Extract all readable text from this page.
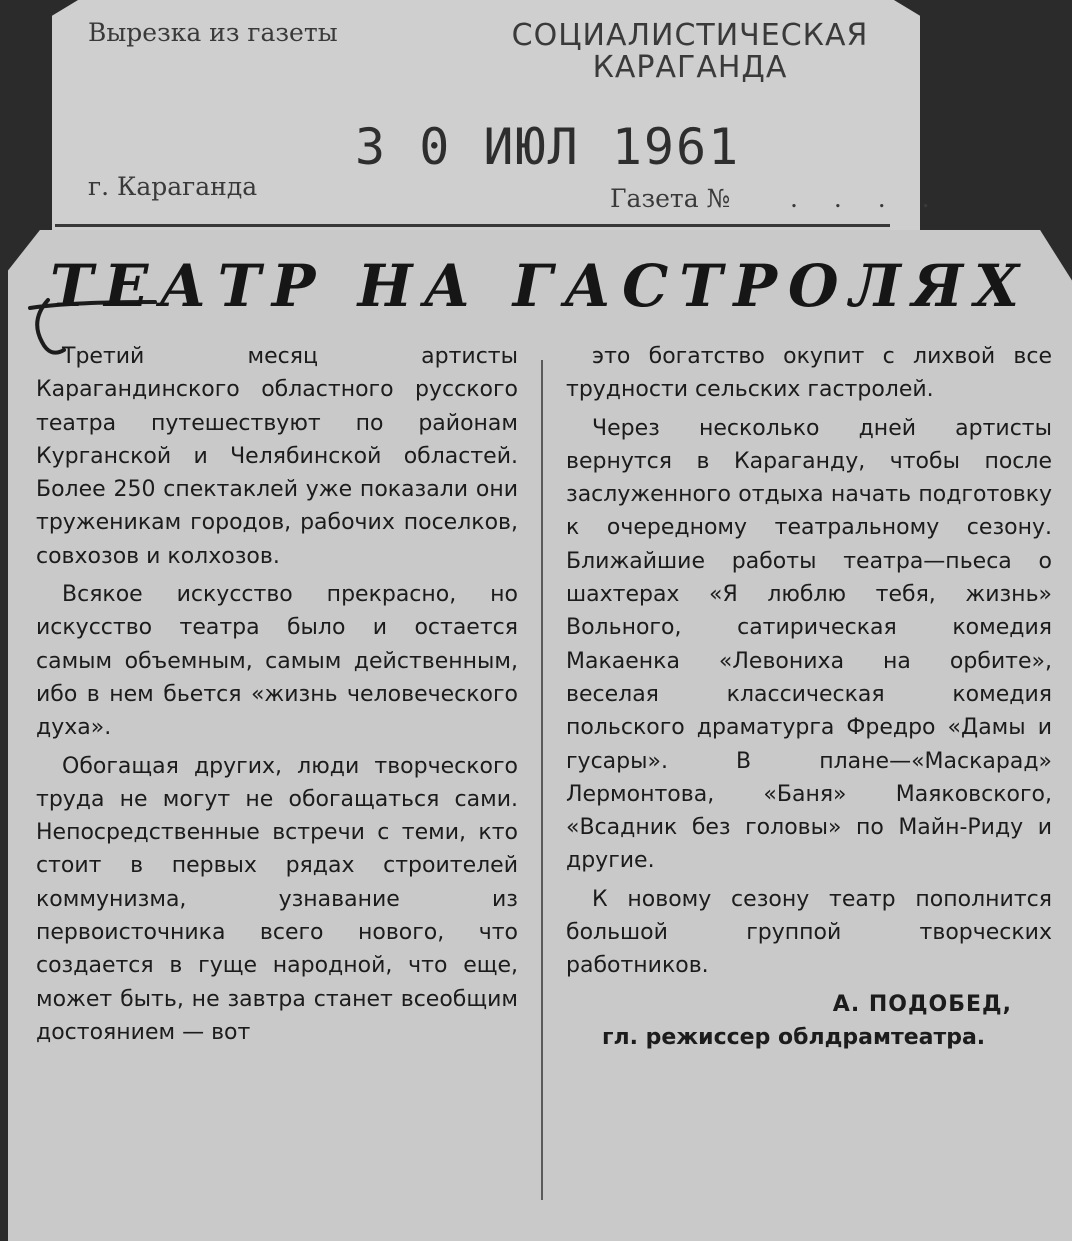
Вырезка из газеты	СОЦИАЛИСТИЧЕСКАЯ КАРАГАНДА
3 0 ИЮЛ 1961
г. Караганда	Газета № . . . .
ТЕАТР НА ГАСТРОЛЯХ

Третий месяц артисты Карагандинского областного русского театра путешествуют по районам Курганской и Челябинской областей. Более 250 спектаклей уже показали они труженикам городов, рабочих поселков, совхозов и колхозов.

Всякое искусство прекрасно, но искусство театра было и остается самым объемным, самым действенным, ибо в нем бьется «жизнь человеческого духа».

Обогащая других, люди творческого труда не могут не обогащаться сами. Непосредственные встречи с теми, кто стоит в первых рядах строителей коммунизма, узнавание из первоисточника всего нового, что создается в гуще народной, что еще, может быть, не завтра станет всеобщим достоянием — вот

это богатство окупит с лихвой все трудности сельских гастролей.

Через несколько дней артисты вернутся в Караганду, чтобы после заслуженного отдыха начать подготовку к очередному театральному сезону. Ближайшие работы театра—пьеса о шахтерах «Я люблю тебя, жизнь» Вольного, сатирическая комедия Макаенка «Левониха на орбите», веселая классическая комедия польского драматурга Фредро «Дамы и гусары». В плане—«Маскарад» Лермонтова, «Баня» Маяковского, «Всадник без головы» по Майн-Риду и другие.

К новому сезону театр пополнится большой группой творческих работников.

А. ПОДОБЕД,
гл. режиссер облдрамтеатра.
